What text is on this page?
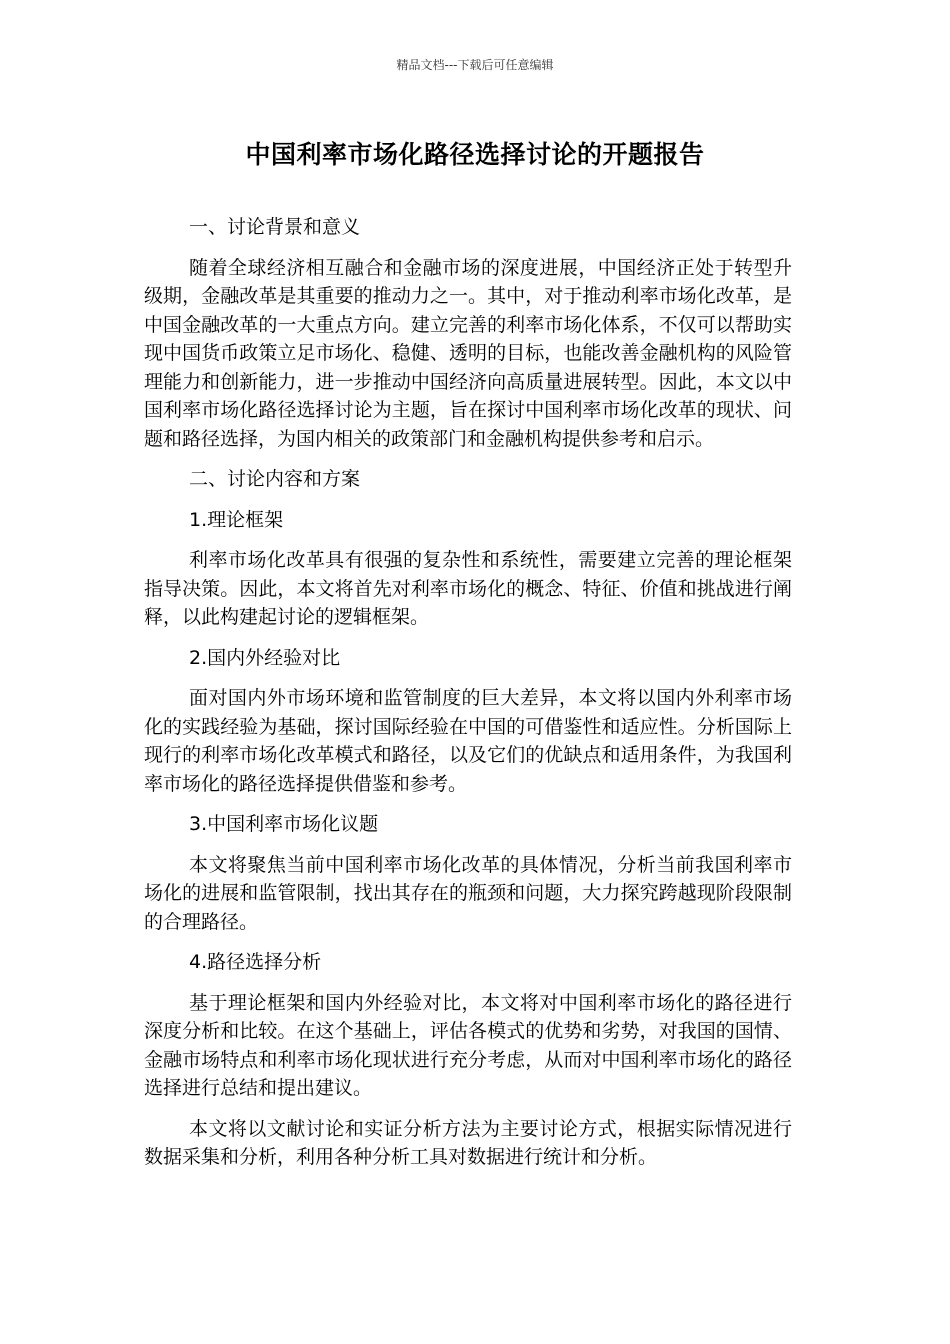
精品文档---下载后可任意编辑
中国利率市场化路径选择讨论的开题报告

一、讨论背景和意义

随着全球经济相互融合和金融市场的深度进展，中国经济正处于转型升级期，金融改革是其重要的推动力之一。其中，对于推动利率市场化改革，是中国金融改革的一大重点方向。建立完善的利率市场化体系，不仅可以帮助实现中国货币政策立足市场化、稳健、透明的目标，也能改善金融机构的风险管理能力和创新能力，进一步推动中国经济向高质量进展转型。因此，本文以中国利率市场化路径选择讨论为主题，旨在探讨中国利率市场化改革的现状、问题和路径选择，为国内相关的政策部门和金融机构提供参考和启示。

二、讨论内容和方案

1.理论框架

利率市场化改革具有很强的复杂性和系统性，需要建立完善的理论框架指导决策。因此，本文将首先对利率市场化的概念、特征、价值和挑战进行阐释，以此构建起讨论的逻辑框架。

2.国内外经验对比

面对国内外市场环境和监管制度的巨大差异，本文将以国内外利率市场化的实践经验为基础，探讨国际经验在中国的可借鉴性和适应性。分析国际上现行的利率市场化改革模式和路径，以及它们的优缺点和适用条件，为我国利率市场化的路径选择提供借鉴和参考。

3.中国利率市场化议题

本文将聚焦当前中国利率市场化改革的具体情况，分析当前我国利率市场化的进展和监管限制，找出其存在的瓶颈和问题，大力探究跨越现阶段限制的合理路径。

4.路径选择分析

基于理论框架和国内外经验对比，本文将对中国利率市场化的路径进行深度分析和比较。在这个基础上，评估各模式的优势和劣势，对我国的国情、金融市场特点和利率市场化现状进行充分考虑，从而对中国利率市场化的路径选择进行总结和提出建议。

本文将以文献讨论和实证分析方法为主要讨论方式，根据实际情况进行数据采集和分析，利用各种分析工具对数据进行统计和分析。
